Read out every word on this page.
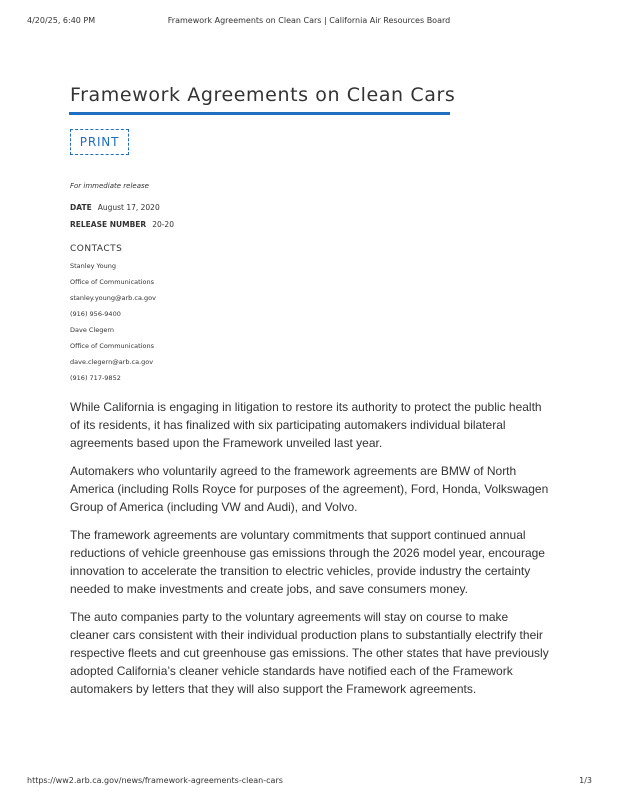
4/20/25, 6:40 PM	Framework Agreements on Clean Cars | California Air Resources Board
Framework Agreements on Clean Cars
PRINT
For immediate release
DATE August 17, 2020
RELEASE NUMBER 20-20
CONTACTS
Stanley Young
Office of Communications
stanley.young@arb.ca.gov
(916) 956-9400
Dave Clegern
Office of Communications
dave.clegern@arb.ca.gov
(916) 717-9852

While California is engaging in litigation to restore its authority to protect the public health of its residents, it has finalized with six participating automakers individual bilateral agreements based upon the Framework unveiled last year.

Automakers who voluntarily agreed to the framework agreements are BMW of North America (including Rolls Royce for purposes of the agreement), Ford, Honda, Volkswagen Group of America (including VW and Audi), and Volvo.

The framework agreements are voluntary commitments that support continued annual reductions of vehicle greenhouse gas emissions through the 2026 model year, encourage innovation to accelerate the transition to electric vehicles, provide industry the certainty needed to make investments and create jobs, and save consumers money.

The auto companies party to the voluntary agreements will stay on course to make cleaner cars consistent with their individual production plans to substantially electrify their respective fleets and cut greenhouse gas emissions. The other states that have previously adopted California’s cleaner vehicle standards have notified each of the Framework automakers by letters that they will also support the Framework agreements.

https://ww2.arb.ca.gov/news/framework-agreements-clean-cars	1/3
